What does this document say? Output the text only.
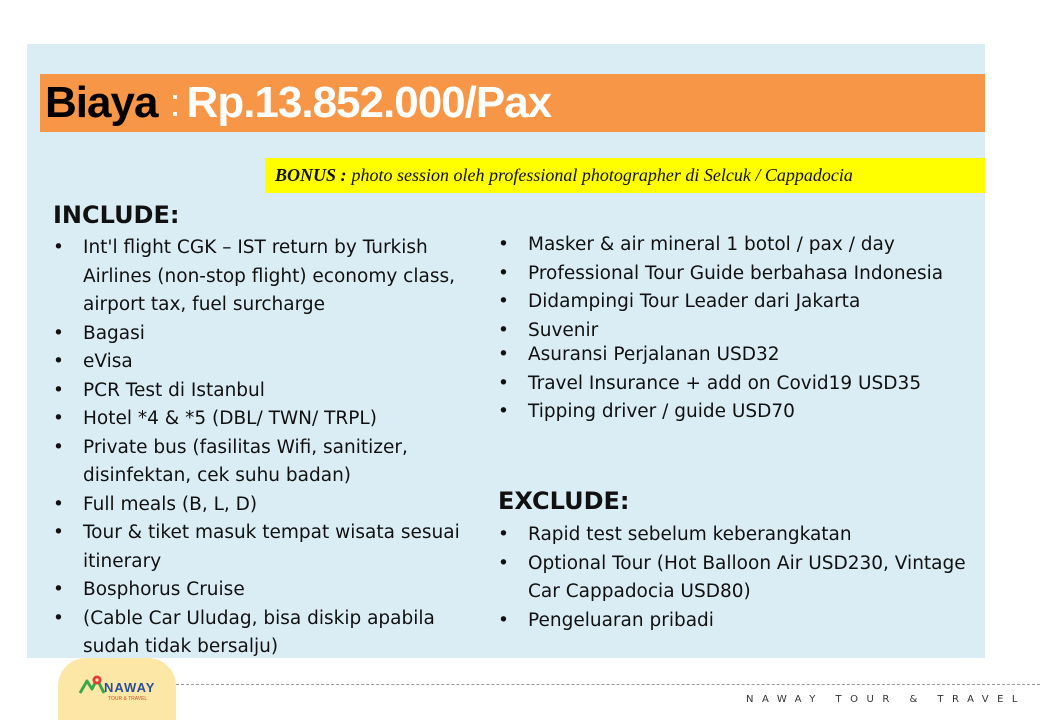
Biaya : Rp.13.852.000/Pax
BONUS : photo session oleh professional photographer di Selcuk / Cappadocia
INCLUDE:
• Int'l flight CGK – IST return by Turkish Airlines (non-stop flight) economy class, airport tax, fuel surcharge
• Bagasi
• eVisa
• PCR Test di Istanbul
• Hotel *4 & *5 (DBL/ TWN/ TRPL)
• Private bus (fasilitas Wifi, sanitizer, disinfektan, cek suhu badan)
• Full meals (B, L, D)
• Tour & tiket masuk tempat wisata sesuai itinerary
• Bosphorus Cruise
• (Cable Car Uludag, bisa diskip apabila sudah tidak bersalju)
• Masker & air mineral 1 botol / pax / day
• Professional Tour Guide berbahasa Indonesia
• Didampingi Tour Leader dari Jakarta
• Suvenir
• Asuransi Perjalanan USD32
• Travel Insurance + add on Covid19 USD35
• Tipping driver / guide USD70
EXCLUDE:
• Rapid test sebelum keberangkatan
• Optional Tour (Hot Balloon Air USD230, Vintage Car Cappadocia USD80)
• Pengeluaran pribadi
NAWAY
TOUR & TRAVEL	NAWAY TOUR & TRAVEL
